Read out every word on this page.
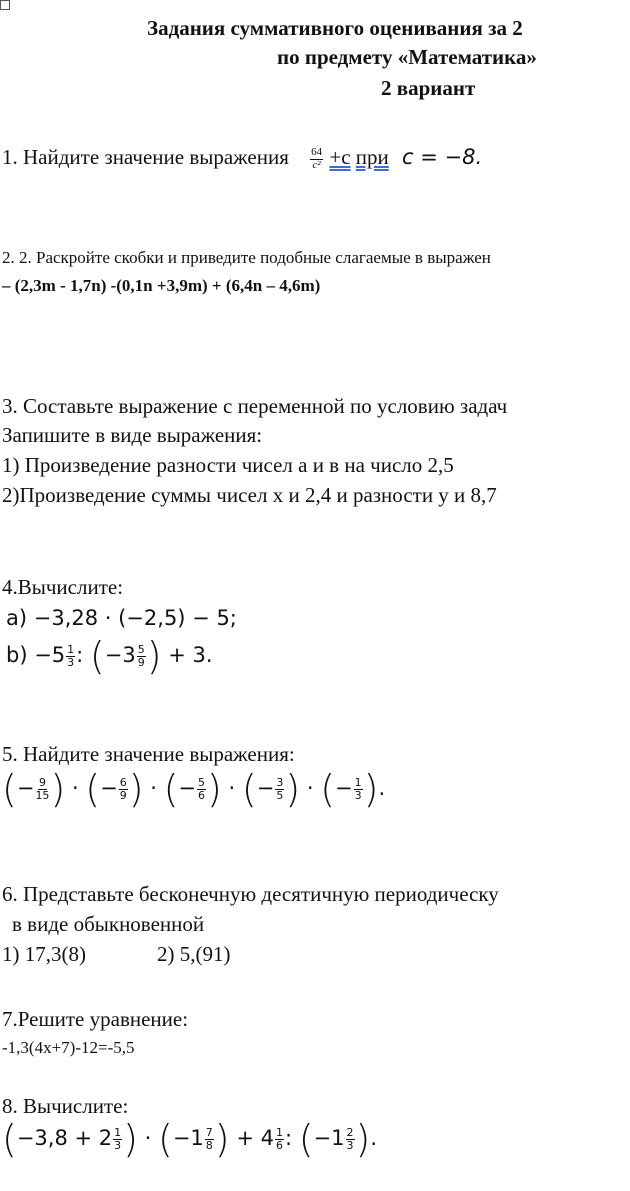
Задания суммативного оценивания за 2
по предмету «Математика»
2 вариант
1. Найдите значение выражения $\frac{64}{\text{c²}} +с$ при c = −8.
2. 2. Раскройте скобки и приведите подобные слагаемые в выражен
– (2,3m - 1,7n) -(0,1n +3,9m) + (6,4n – 4,6m)
3. Составьте выражение с переменной по условию задач
Запишите в виде выражения:
1) Произведение разности чисел а и в на число 2,5
2)Произведение суммы чисел x и 2,4 и разности y и 8,7
4.Вычислите:
а) −3,28 · (−2,5) − 5;
$b) -5 \frac{1}{3}$ : ($-3 \frac{5}{9}$ ) + 3.
5. Найдите значение выражения:
(− $\frac{9}{15}$ ) · (− $\frac{6}{9}$ ) · (− $\frac{5}{6}$ ) · (− $\frac{3}{5}$ ) · (− $\frac{1}{3}$ ).
6. Представьте бесконечную десятичную периодическу
в виде обыкновенной
1) 17,3(8)	2) 5,(91)
7.Решите уравнение:
-1,3(4x+7)-12=-5,5
8. Вычислите:
($-3,8 + 2 \frac{1}{3}$ ) · ($-1 \frac{7}{8}$ ) + $4 \frac{1}{6}$ : ($-1 \frac{2}{3}$ ).
